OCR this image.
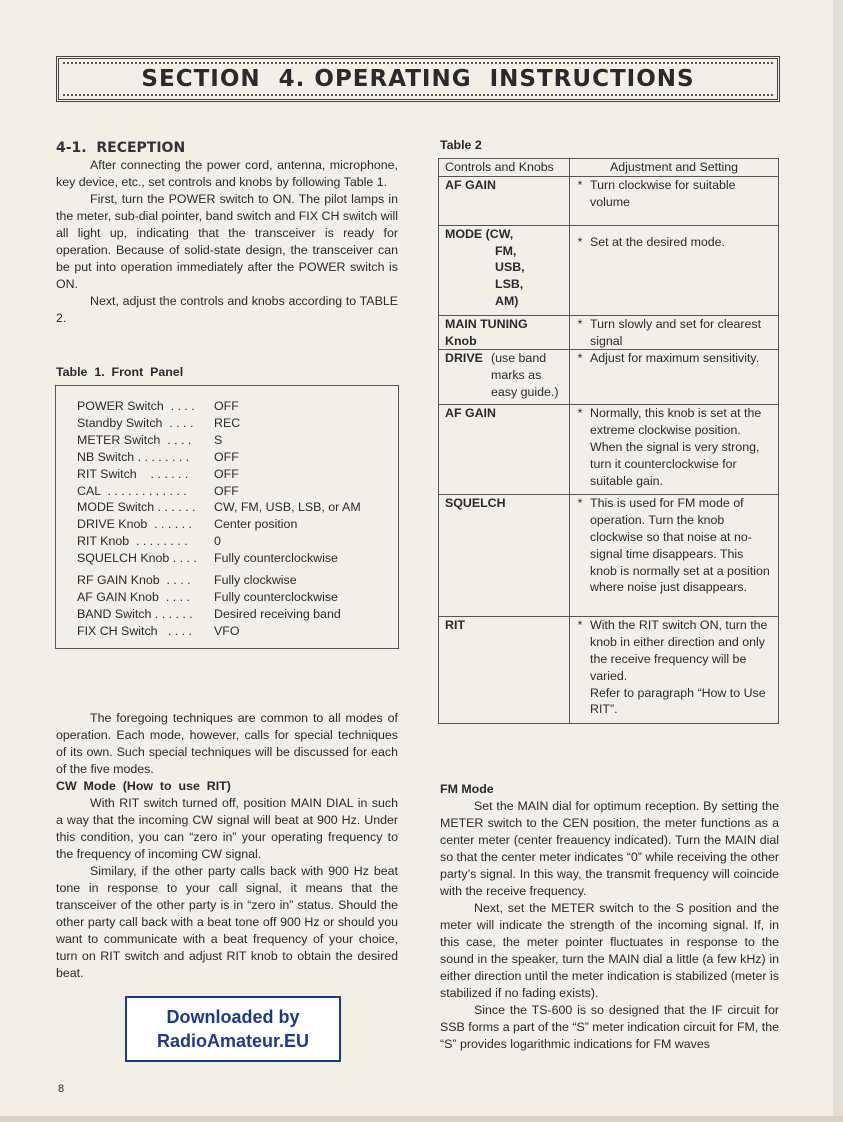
SECTION  4. OPERATING  INSTRUCTIONS

4-1.  RECEPTION

After connecting the power cord, antenna, microphone, key device, etc., set controls and knobs by following Table 1.

First, turn the POWER switch to ON. The pilot lamps in the meter, sub-dial pointer, band switch and FIX CH switch will all light up, indicating that the transceiver is ready for operation. Because of solid-state design, the transceiver can be put into operation immediately after the POWER switch is ON.

Next, adjust the controls and knobs according to TABLE 2.

Table  1.  Front  Panel
POWER Switch  . . . .	OFF
Standby Switch  . . . .	REC
METER Switch  . . . .	S
NB Switch . . . . . . . .	OFF
RIT Switch    . . . . . .	OFF
CAL  . . . . . . . . . . . .	OFF
MODE Switch . . . . . .	CW, FM, USB, LSB, or AM
DRIVE Knob  . . . . . .	Center position
RIT Knob  . . . . . . . .	0
SQUELCH Knob . . . .	Fully counterclockwise
RF GAIN Knob  . . . .	Fully clockwise
AF GAIN Knob  . . . .	Fully counterclockwise
BAND Switch . . . . . .	Desired receiving band
FIX CH Switch   . . . .	VFO

The foregoing techniques are common to all modes of operation. Each mode, however, calls for special techniques of its own. Such special techniques will be discussed for each of the five modes.

CW  Mode  (How  to  use  RIT)

With RIT switch turned off, position MAIN DIAL in such a way that the incoming CW signal will beat at 900 Hz. Under this condition, you can “zero in” your operating frequency to the frequency of incoming CW signal.

Similary, if the other party calls back with 900 Hz beat tone in response to your call signal, it means that the transceiver of the other party is in “zero in” status. Should the other party call back with a beat tone off 900 Hz or should you want to communicate with a beat frequency of your choice, turn on RIT switch and adjust RIT knob to obtain the desired beat.

Table 2
Controls and Knobs	Adjustment and Setting	
AF GAIN	*	Turn clockwise for suitable volume
MODE (CW,
FM,
USB,
LSB,
AM)	*	Set at the desired mode.
MAIN TUNING
Knob	*	Turn slowly and set for clearest signal

DRIVE (use band marks as easy guide.)	*	Adjust for maximum sensitivity.
AF GAIN	*	Normally, this knob is set at the extreme clockwise position. When the signal is very strong, turn it counterclockwise for suitable gain.
SQUELCH	*	This is used for FM mode of operation. Turn the knob clockwise so that noise at no-signal time disappears. This knob is normally set at a position where noise just disappears.
RIT	*	With the RIT switch ON, turn the knob in either direction and only the receive frequency will be varied.
Refer to paragraph “How to Use RIT”.

FM Mode

Set the MAIN dial for optimum reception. By setting the METER switch to the CEN position, the meter functions as a center meter (center freauency indicated). Turn the MAIN dial so that the center meter indicates “0” while receiving the other party’s signal. In this way, the transmit frequency will coincide with the receive frequency.

Next, set the METER switch to the S position and the meter will indicate the strength of the incoming signal. If, in this case, the meter pointer fluctuates in response to the sound in the speaker, turn the MAIN dial a little (a few kHz) in either direction until the meter indication is stabilized (meter is stabilized if no fading exists).

Since the TS-600 is so designed that the IF circuit for SSB forms a part of the “S” meter indication circuit for FM, the “S” provides logarithmic indications for FM waves

Downloaded by
RadioAmateur.EU
8
